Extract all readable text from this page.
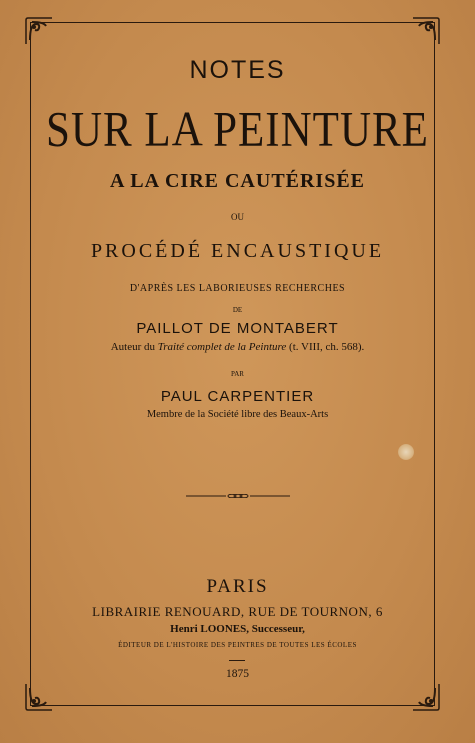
NOTES
SUR LA PEINTURE
A LA CIRE CAUTÉRISÉE
OU
PROCÉDÉ ENCAUSTIQUE
D'APRÈS LES LABORIEUSES RECHERCHES
DE
PAILLOT DE MONTABERT
Auteur du Traité complet de la Peinture (t. VIII, ch. 568).
PAR
PAUL CARPENTIER
Membre de la Société libre des Beaux-Arts
PARIS
LIBRAIRIE RENOUARD, RUE DE TOURNON, 6
Henri LOONES, Successeur,
ÉDITEUR DE L'HISTOIRE DES PEINTRES DE TOUTES LES ÉCOLES
1875
